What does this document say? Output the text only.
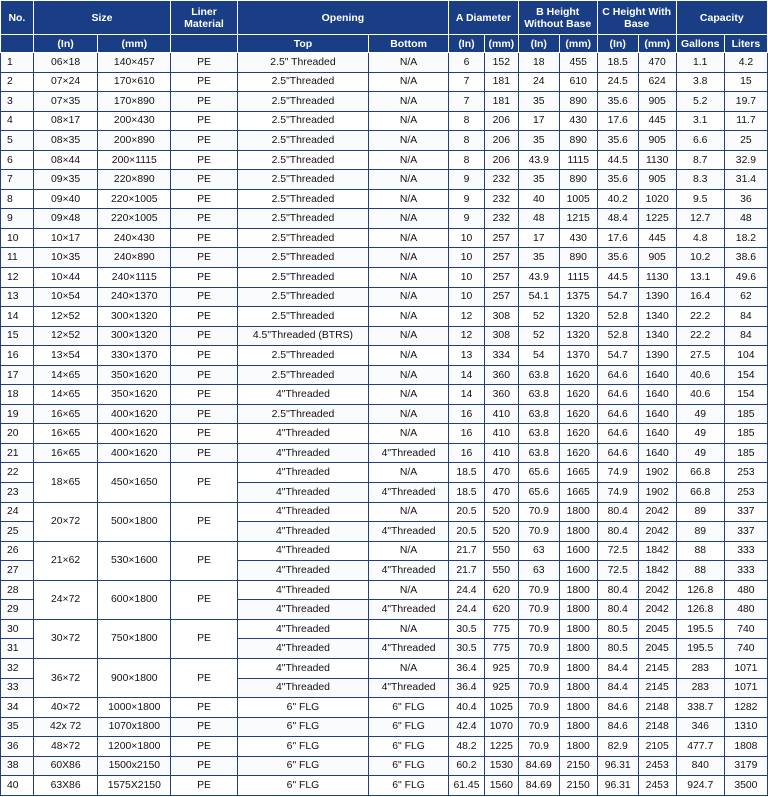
No.	Size		Liner Material	Opening		A Diameter		B Height Without Base		C Height With Base		Capacity	
	(In)	(mm)		Top	Bottom	(In)	(mm)	(In)	(mm)	(In)	(mm)	Gallons	Liters
1	06×18	140×457	PE	2.5" Threaded	N/A	6	152	18	455	18.5	470	1.1	4.2
2	07×24	170×610	PE	2.5"Threaded	N/A	7	181	24	610	24.5	624	3.8	15
3	07×35	170×890	PE	2.5"Threaded	N/A	7	181	35	890	35.6	905	5.2	19.7
4	08×17	200×430	PE	2.5"Threaded	N/A	8	206	17	430	17.6	445	3.1	11.7
5	08×35	200×890	PE	2.5"Threaded	N/A	8	206	35	890	35.6	905	6.6	25
6	08×44	200×1115	PE	2.5"Threaded	N/A	8	206	43.9	1115	44.5	1130	8.7	32.9
7	09×35	220×890	PE	2.5"Threaded	N/A	9	232	35	890	35.6	905	8.3	31.4
8	09×40	220×1005	PE	2.5"Threaded	N/A	9	232	40	1005	40.2	1020	9.5	36
9	09×48	220×1005	PE	2.5"Threaded	N/A	9	232	48	1215	48.4	1225	12.7	48
10	10×17	240×430	PE	2.5"Threaded	N/A	10	257	17	430	17.6	445	4.8	18.2
11	10×35	240×890	PE	2.5"Threaded	N/A	10	257	35	890	35.6	905	10.2	38.6
12	10×44	240×1115	PE	2.5"Threaded	N/A	10	257	43.9	1115	44.5	1130	13.1	49.6
13	10×54	240×1370	PE	2.5"Threaded	N/A	10	257	54.1	1375	54.7	1390	16.4	62
14	12×52	300×1320	PE	2.5"Threaded	N/A	12	308	52	1320	52.8	1340	22.2	84
15	12×52	300×1320	PE	4.5"Threaded (BTRS)	N/A	12	308	52	1320	52.8	1340	22.2	84
16	13×54	330×1370	PE	2.5"Threaded	N/A	13	334	54	1370	54.7	1390	27.5	104
17	14×65	350×1620	PE	2.5"Threaded	N/A	14	360	63.8	1620	64.6	1640	40.6	154
18	14×65	350×1620	PE	4"Threaded	N/A	14	360	63.8	1620	64.6	1640	40.6	154
19	16×65	400×1620	PE	2.5"Threaded	N/A	16	410	63.8	1620	64.6	1640	49	185
20	16×65	400×1620	PE	4"Threaded	N/A	16	410	63.8	1620	64.6	1640	49	185
21	16×65	400×1620	PE	4"Threaded	4"Threaded	16	410	63.8	1620	64.6	1640	49	185
22	18×65	450×1650	PE	4"Threaded	N/A	18.5	470	65.6	1665	74.9	1902	66.8	253
23				4"Threaded	4"Threaded	18.5	470	65.6	1665	74.9	1902	66.8	253
24	20×72	500×1800	PE	4"Threaded	N/A	20.5	520	70.9	1800	80.4	2042	89	337
25				4"Threaded	4"Threaded	20.5	520	70.9	1800	80.4	2042	89	337
26	21×62	530×1600	PE	4"Threaded	N/A	21.7	550	63	1600	72.5	1842	88	333
27				4"Threaded	4"Threaded	21.7	550	63	1600	72.5	1842	88	333
28	24×72	600×1800	PE	4"Threaded	N/A	24.4	620	70.9	1800	80.4	2042	126.8	480
29				4"Threaded	4"Threaded	24.4	620	70.9	1800	80.4	2042	126.8	480
30	30×72	750×1800	PE	4"Threaded	N/A	30.5	775	70.9	1800	80.5	2045	195.5	740
31				4"Threaded	4"Threaded	30.5	775	70.9	1800	80.5	2045	195.5	740
32	36×72	900×1800	PE	4"Threaded	N/A	36.4	925	70.9	1800	84.4	2145	283	1071
33				4"Threaded	4"Threaded	36.4	925	70.9	1800	84.4	2145	283	1071
34	40×72	1000×1800	PE	6" FLG	6" FLG	40.4	1025	70.9	1800	84.6	2148	338.7	1282
35	42x 72	1070x1800	PE	6" FLG	6" FLG	42.4	1070	70.9	1800	84.6	2148	346	1310
36	48×72	1200×1800	PE	6" FLG	6" FLG	48.2	1225	70.9	1800	82.9	2105	477.7	1808
38	60X86	1500x2150	PE	6" FLG	6" FLG	60.2	1530	84.69	2150	96.31	2453	840	3179
40	63X86	1575X2150	PE	6" FLG	6" FLG	61.45	1560	84.69	2150	96.31	2453	924.7	3500
